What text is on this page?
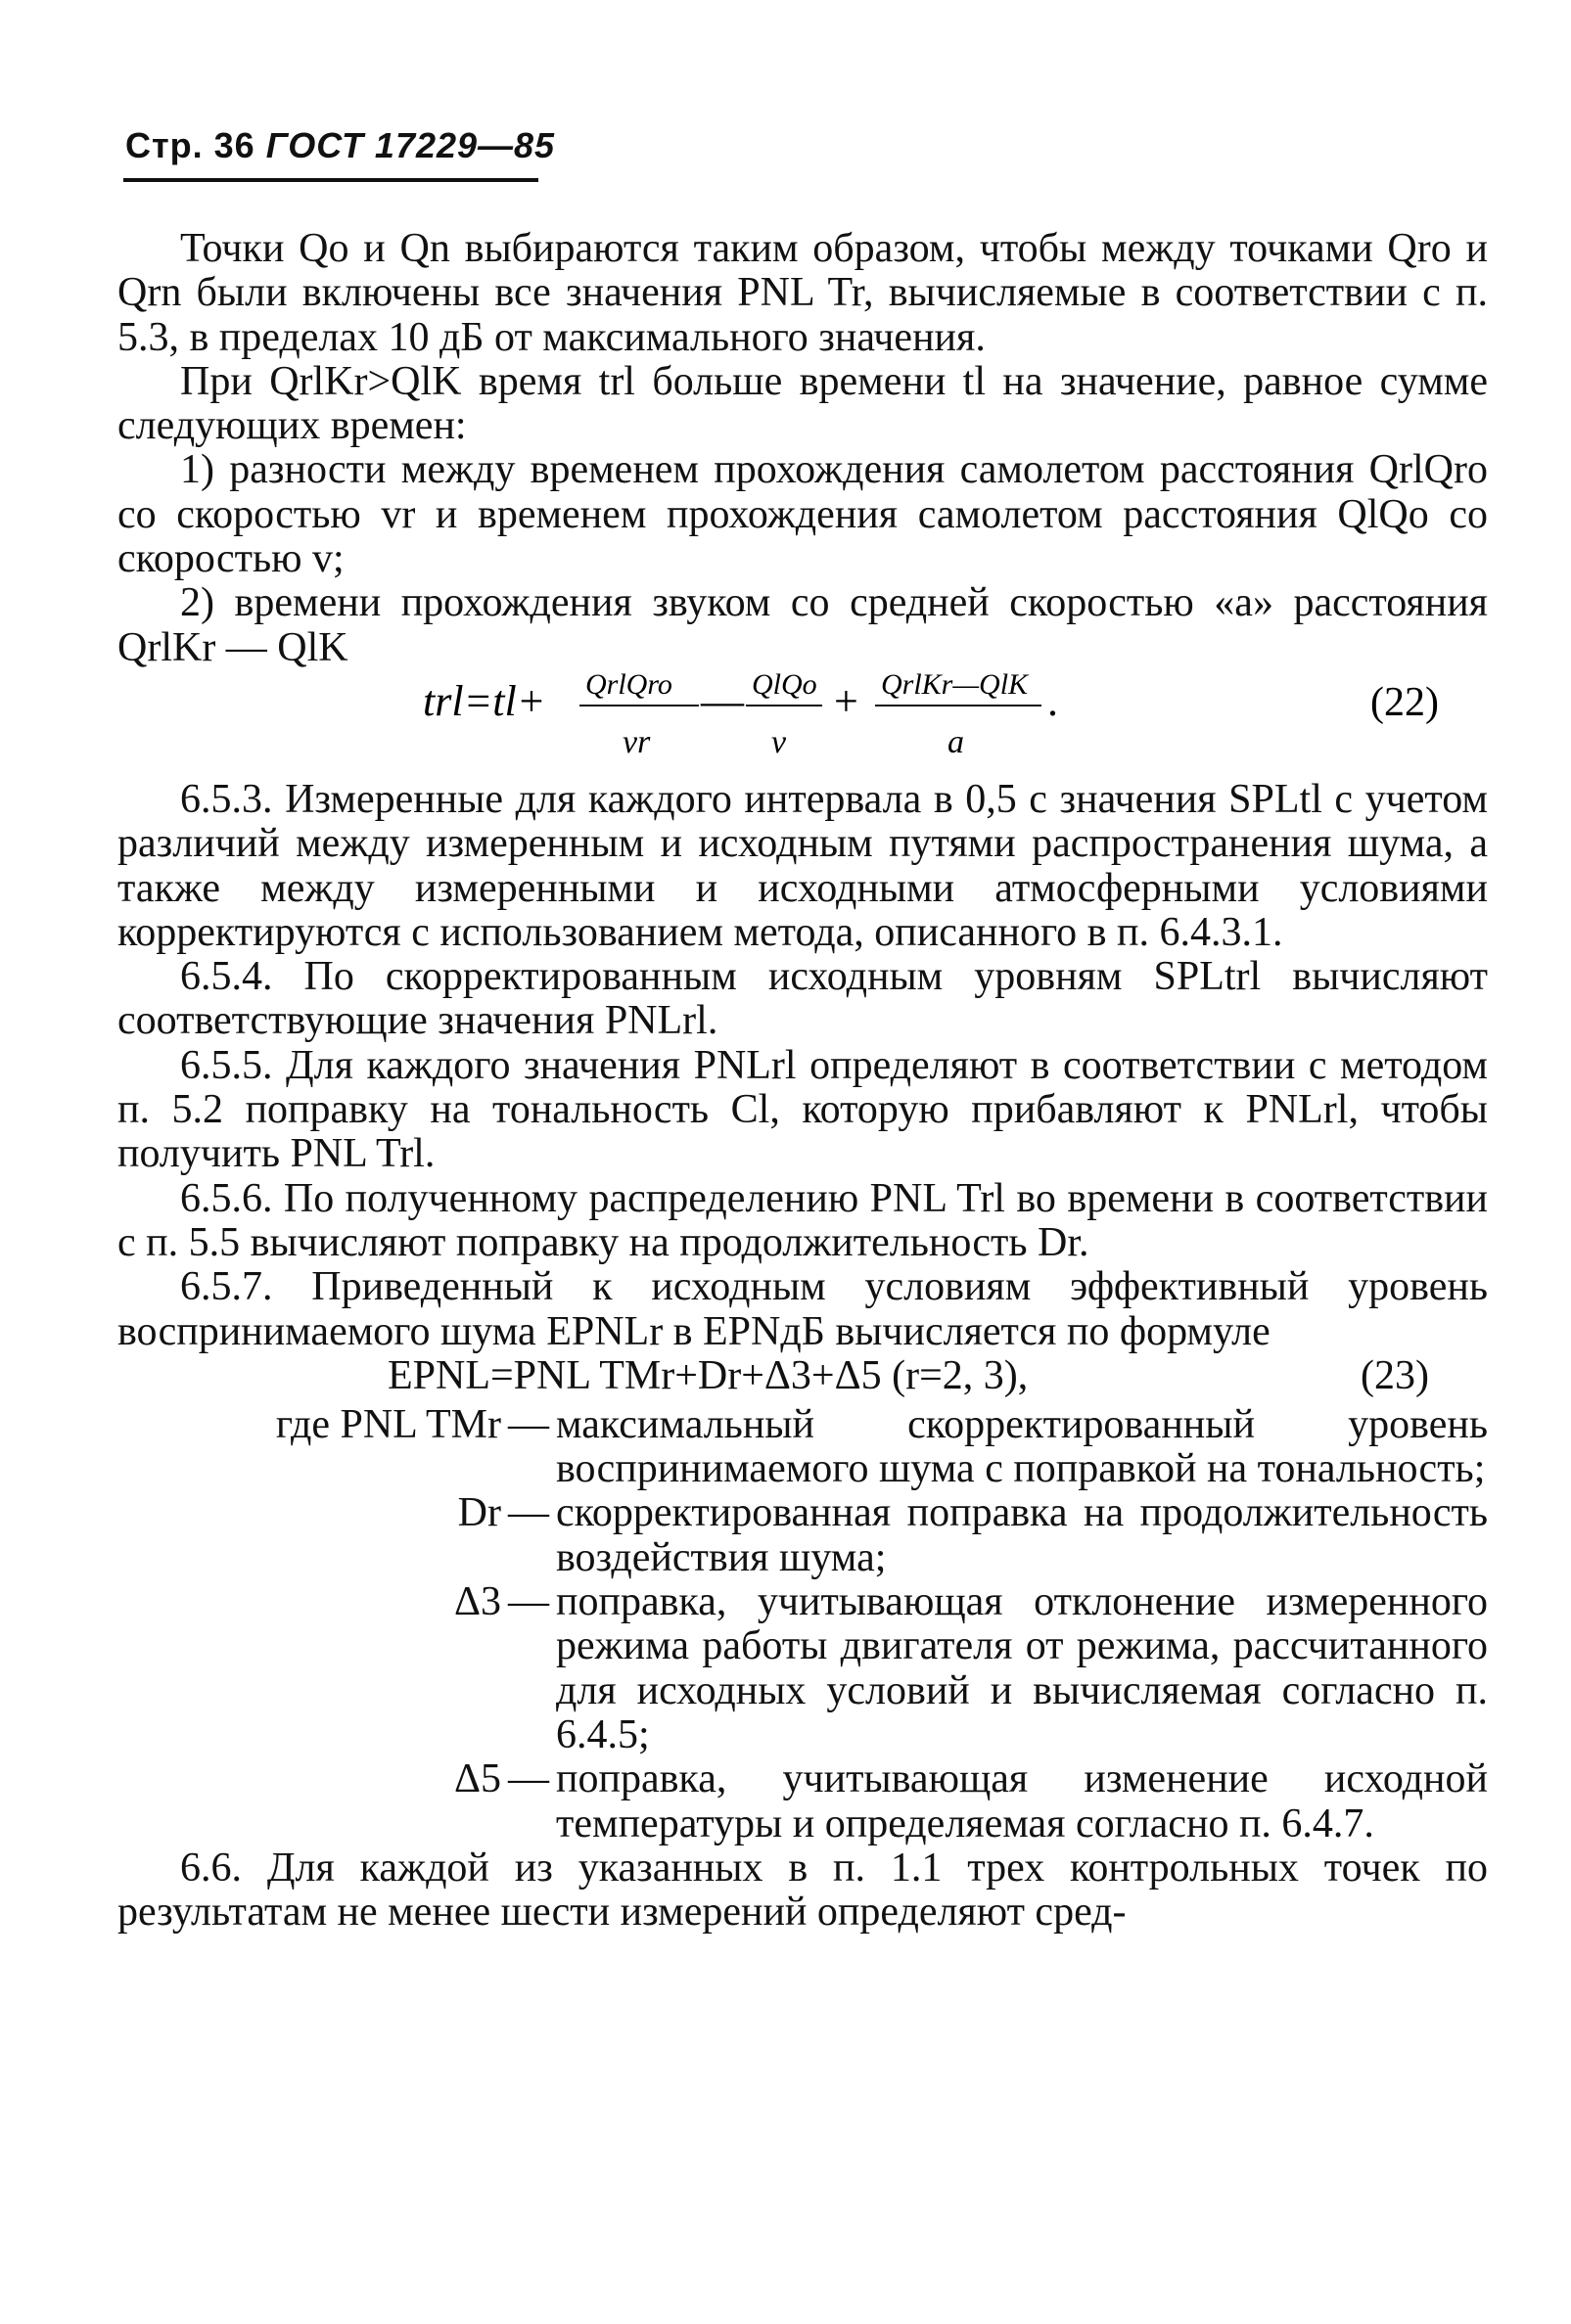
Стр. 36 ГОСТ 17229—85

Точки Qo и Qn выбираются таким образом, чтобы между точками Qro и Qrn были включены все значения PNL Tr, вычисляемые в соответствии с п. 5.3, в пределах 10 дБ от максимального значения.

При QrlKr>QlK время trl больше времени tl на значение, равное сумме следующих времен:

1) разности между временем прохождения самолетом расстояния QrlQro со скоростью vr и временем прохождения самолетом расстояния QlQo со скоростью v;

2) времени прохождения звуком со средней скоростью «a» расстояния QrlKr — QlK

trl=tl+ QrlQro
vr
— QlQo
v
+ QrlKr—QlK
a
.	(22)

6.5.3. Измеренные для каждого интервала в 0,5 с значения SPLtl с учетом различий между измеренным и исходным путями распространения шума, а также между измеренными и исходными атмосферными условиями корректируются с использованием метода, описанного в п. 6.4.3.1.

6.5.4. По скорректированным исходным уровням SPLtrl вычисляют соответствующие значения PNLrl.

6.5.5. Для каждого значения PNLrl определяют в соответствии с методом п. 5.2 поправку на тональность Cl, которую прибавляют к PNLrl, чтобы получить PNL Trl.

6.5.6. По полученному распределению PNL Trl во времени в соответствии с п. 5.5 вычисляют поправку на продолжительность Dr.

6.5.7. Приведенный к исходным условиям эффективный уровень воспринимаемого шума EPNLr в EPNдБ вычисляется по формуле

EPNL=PNL TMr+Dr+Δ3+Δ5 (r=2, 3),	(23)
где PNL TMr — максимальный скорректированный уровень воспринимаемого шума с поправкой на тональность;
Dr — скорректированная поправка на продолжительность воздействия шума;
Δ3 — поправка, учитывающая отклонение измеренного режима работы двигателя от режима, рассчитанного для исходных условий и вычисляемая согласно п. 6.4.5;
Δ5 — поправка, учитывающая изменение исходной температуры и определяемая согласно п. 6.4.7.

6.6. Для каждой из указанных в п. 1.1 трех контрольных точек по результатам не менее шести измерений определяют сред-
